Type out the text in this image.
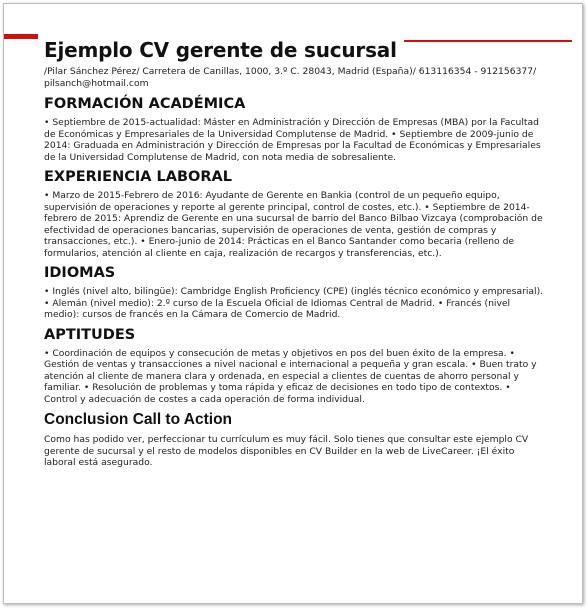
Ejemplo CV gerente de sucursal
/Pilar Sánchez Pérez/ Carretera de Canillas, 1000, 3.º C. 28043, Madrid (España)/ 613116354 - 912156377/ pilsanch@hotmail.com
FORMACIÓN ACADÉMICA

• Septiembre de 2015-actualidad: Máster en Administración y Dirección de Empresas (MBA) por la Facultad de Económicas y Empresariales de la Universidad Complutense de Madrid. • Septiembre de 2009-junio de 2014: Graduada en Administración y Dirección de Empresas por la Facultad de Económicas y Empresariales de la Universidad Complutense de Madrid, con nota media de sobresaliente.

EXPERIENCIA LABORAL

• Marzo de 2015-Febrero de 2016: Ayudante de Gerente en Bankia (control de un pequeño equipo, supervisión de operaciones y reporte al gerente principal, control de costes, etc.). • Septiembre de 2014-febrero de 2015: Aprendiz de Gerente en una sucursal de barrio del Banco Bilbao Vizcaya (comprobación de efectividad de operaciones bancarias, supervisión de operaciones de venta, gestión de compras y transacciones, etc.). • Enero-junio de 2014: Prácticas en el Banco Santander como becaria (relleno de formularios, atención al cliente en caja, realización de recargos y transferencias, etc.).

IDIOMAS

• Inglés (nivel alto, bilingüe): Cambridge English Proficiency (CPE) (inglés técnico económico y empresarial). • Alemán (nivel medio): 2.º curso de la Escuela Oficial de Idiomas Central de Madrid. • Francés (nivel medio): cursos de francés en la Cámara de Comercio de Madrid.

APTITUDES

• Coordinación de equipos y consecución de metas y objetivos en pos del buen éxito de la empresa. • Gestión de ventas y transacciones a nivel nacional e internacional a pequeña y gran escala. • Buen trato y atención al cliente de manera clara y ordenada, en especial a clientes de cuentas de ahorro personal y familiar. • Resolución de problemas y toma rápida y eficaz de decisiones en todo tipo de contextos. • Control y adecuación de costes a cada operación de forma individual.

Conclusion Call to Action

Como has podido ver, perfeccionar tu currículum es muy fácil. Solo tienes que consultar este ejemplo CV gerente de sucursal y el resto de modelos disponibles en CV Builder en la web de LiveCareer. ¡El éxito laboral está asegurado.
